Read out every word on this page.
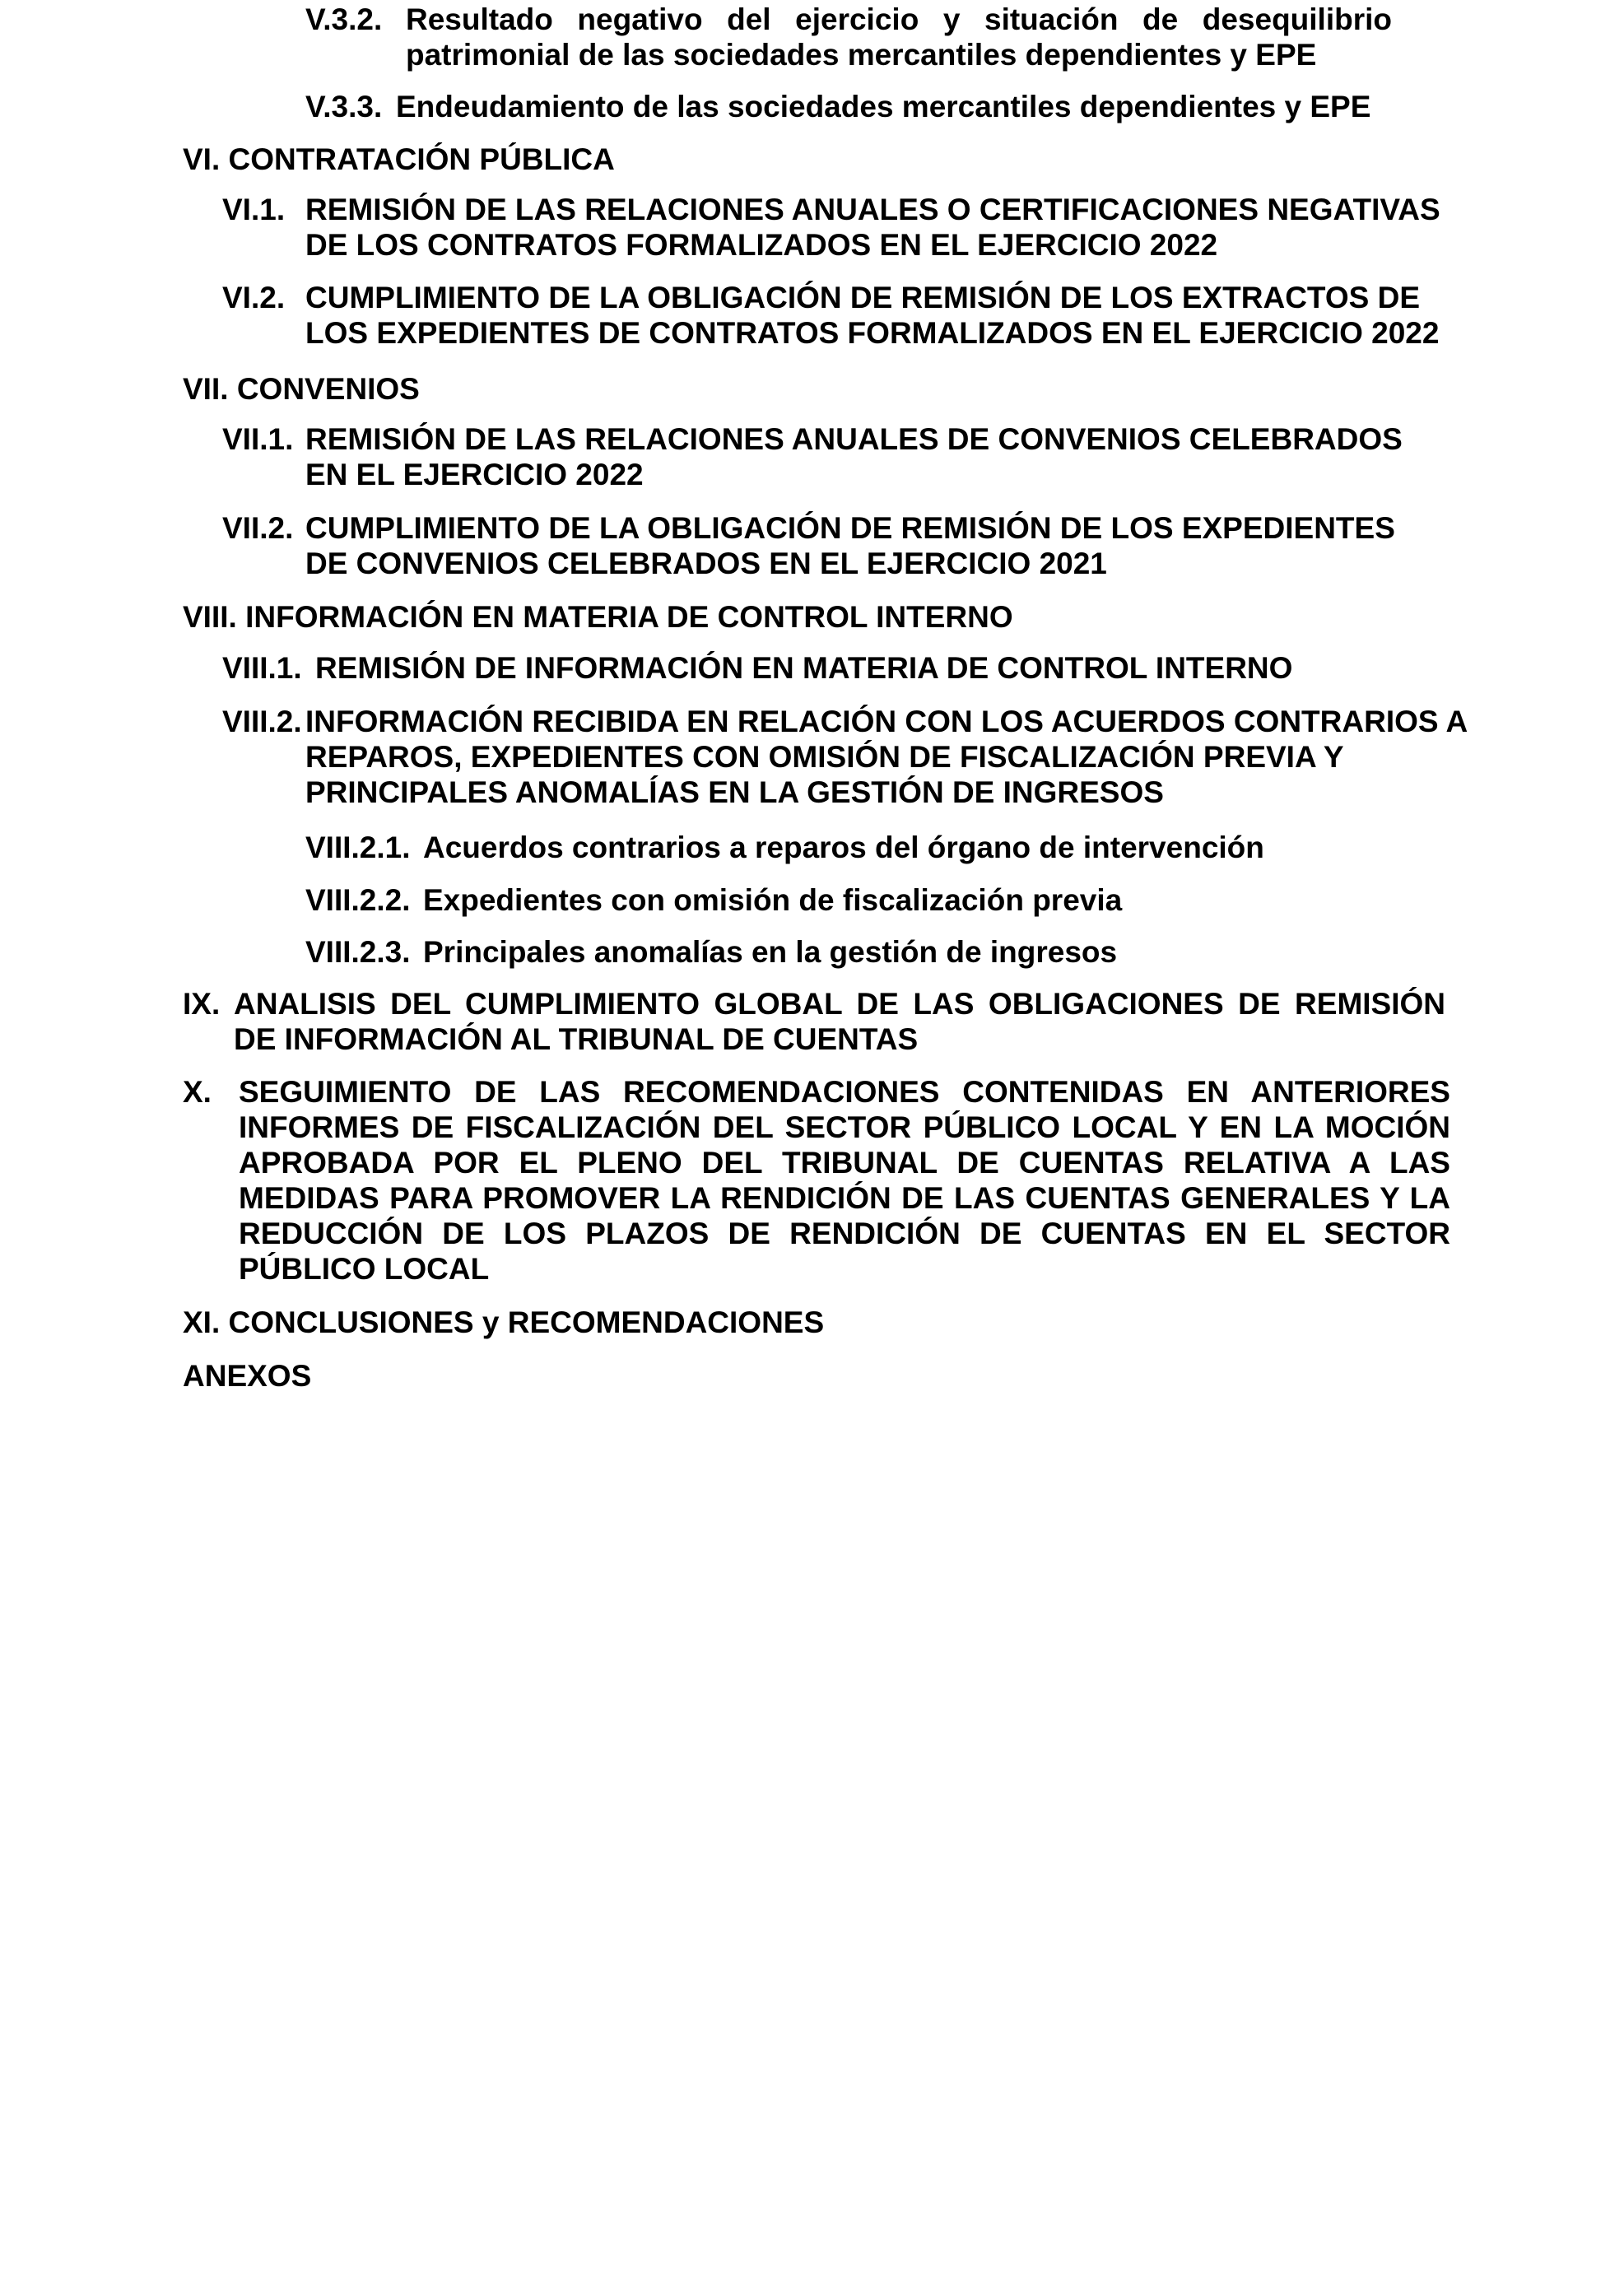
V.3.2. Resultado negativo del ejercicio y situación de desequilibrio patrimonial de las sociedades mercantiles dependientes y EPE
V.3.3. Endeudamiento de las sociedades mercantiles dependientes y EPE
VI. CONTRATACIÓN PÚBLICA
VI.1. REMISIÓN DE LAS RELACIONES ANUALES O CERTIFICACIONES NEGATIVAS DE LOS CONTRATOS FORMALIZADOS EN EL EJERCICIO 2022
VI.2. CUMPLIMIENTO DE LA OBLIGACIÓN DE REMISIÓN DE LOS EXTRACTOS DE LOS EXPEDIENTES DE CONTRATOS FORMALIZADOS EN EL EJERCICIO 2022
VII. CONVENIOS
VII.1. REMISIÓN DE LAS RELACIONES ANUALES DE CONVENIOS CELEBRADOS EN EL EJERCICIO 2022
VII.2. CUMPLIMIENTO DE LA OBLIGACIÓN DE REMISIÓN DE LOS EXPEDIENTES DE CONVENIOS CELEBRADOS EN EL EJERCICIO 2021
VIII. INFORMACIÓN EN MATERIA DE CONTROL INTERNO
VIII.1. REMISIÓN DE INFORMACIÓN EN MATERIA DE CONTROL INTERNO
VIII.2. INFORMACIÓN RECIBIDA EN RELACIÓN CON LOS ACUERDOS CONTRARIOS A REPAROS, EXPEDIENTES CON OMISIÓN DE FISCALIZACIÓN PREVIA Y PRINCIPALES ANOMALÍAS EN LA GESTIÓN DE INGRESOS
VIII.2.1. Acuerdos contrarios a reparos del órgano de intervención
VIII.2.2. Expedientes con omisión de fiscalización previa
VIII.2.3. Principales anomalías en la gestión de ingresos
IX. ANALISIS DEL CUMPLIMIENTO GLOBAL DE LAS OBLIGACIONES DE REMISIÓN DE INFORMACIÓN AL TRIBUNAL DE CUENTAS
X. SEGUIMIENTO DE LAS RECOMENDACIONES CONTENIDAS EN ANTERIORES INFORMES DE FISCALIZACIÓN DEL SECTOR PÚBLICO LOCAL Y EN LA MOCIÓN APROBADA POR EL PLENO DEL TRIBUNAL DE CUENTAS RELATIVA A LAS MEDIDAS PARA PROMOVER LA RENDICIÓN DE LAS CUENTAS GENERALES Y LA REDUCCIÓN DE LOS PLAZOS DE RENDICIÓN DE CUENTAS EN EL SECTOR PÚBLICO LOCAL
XI. CONCLUSIONES y RECOMENDACIONES
ANEXOS
